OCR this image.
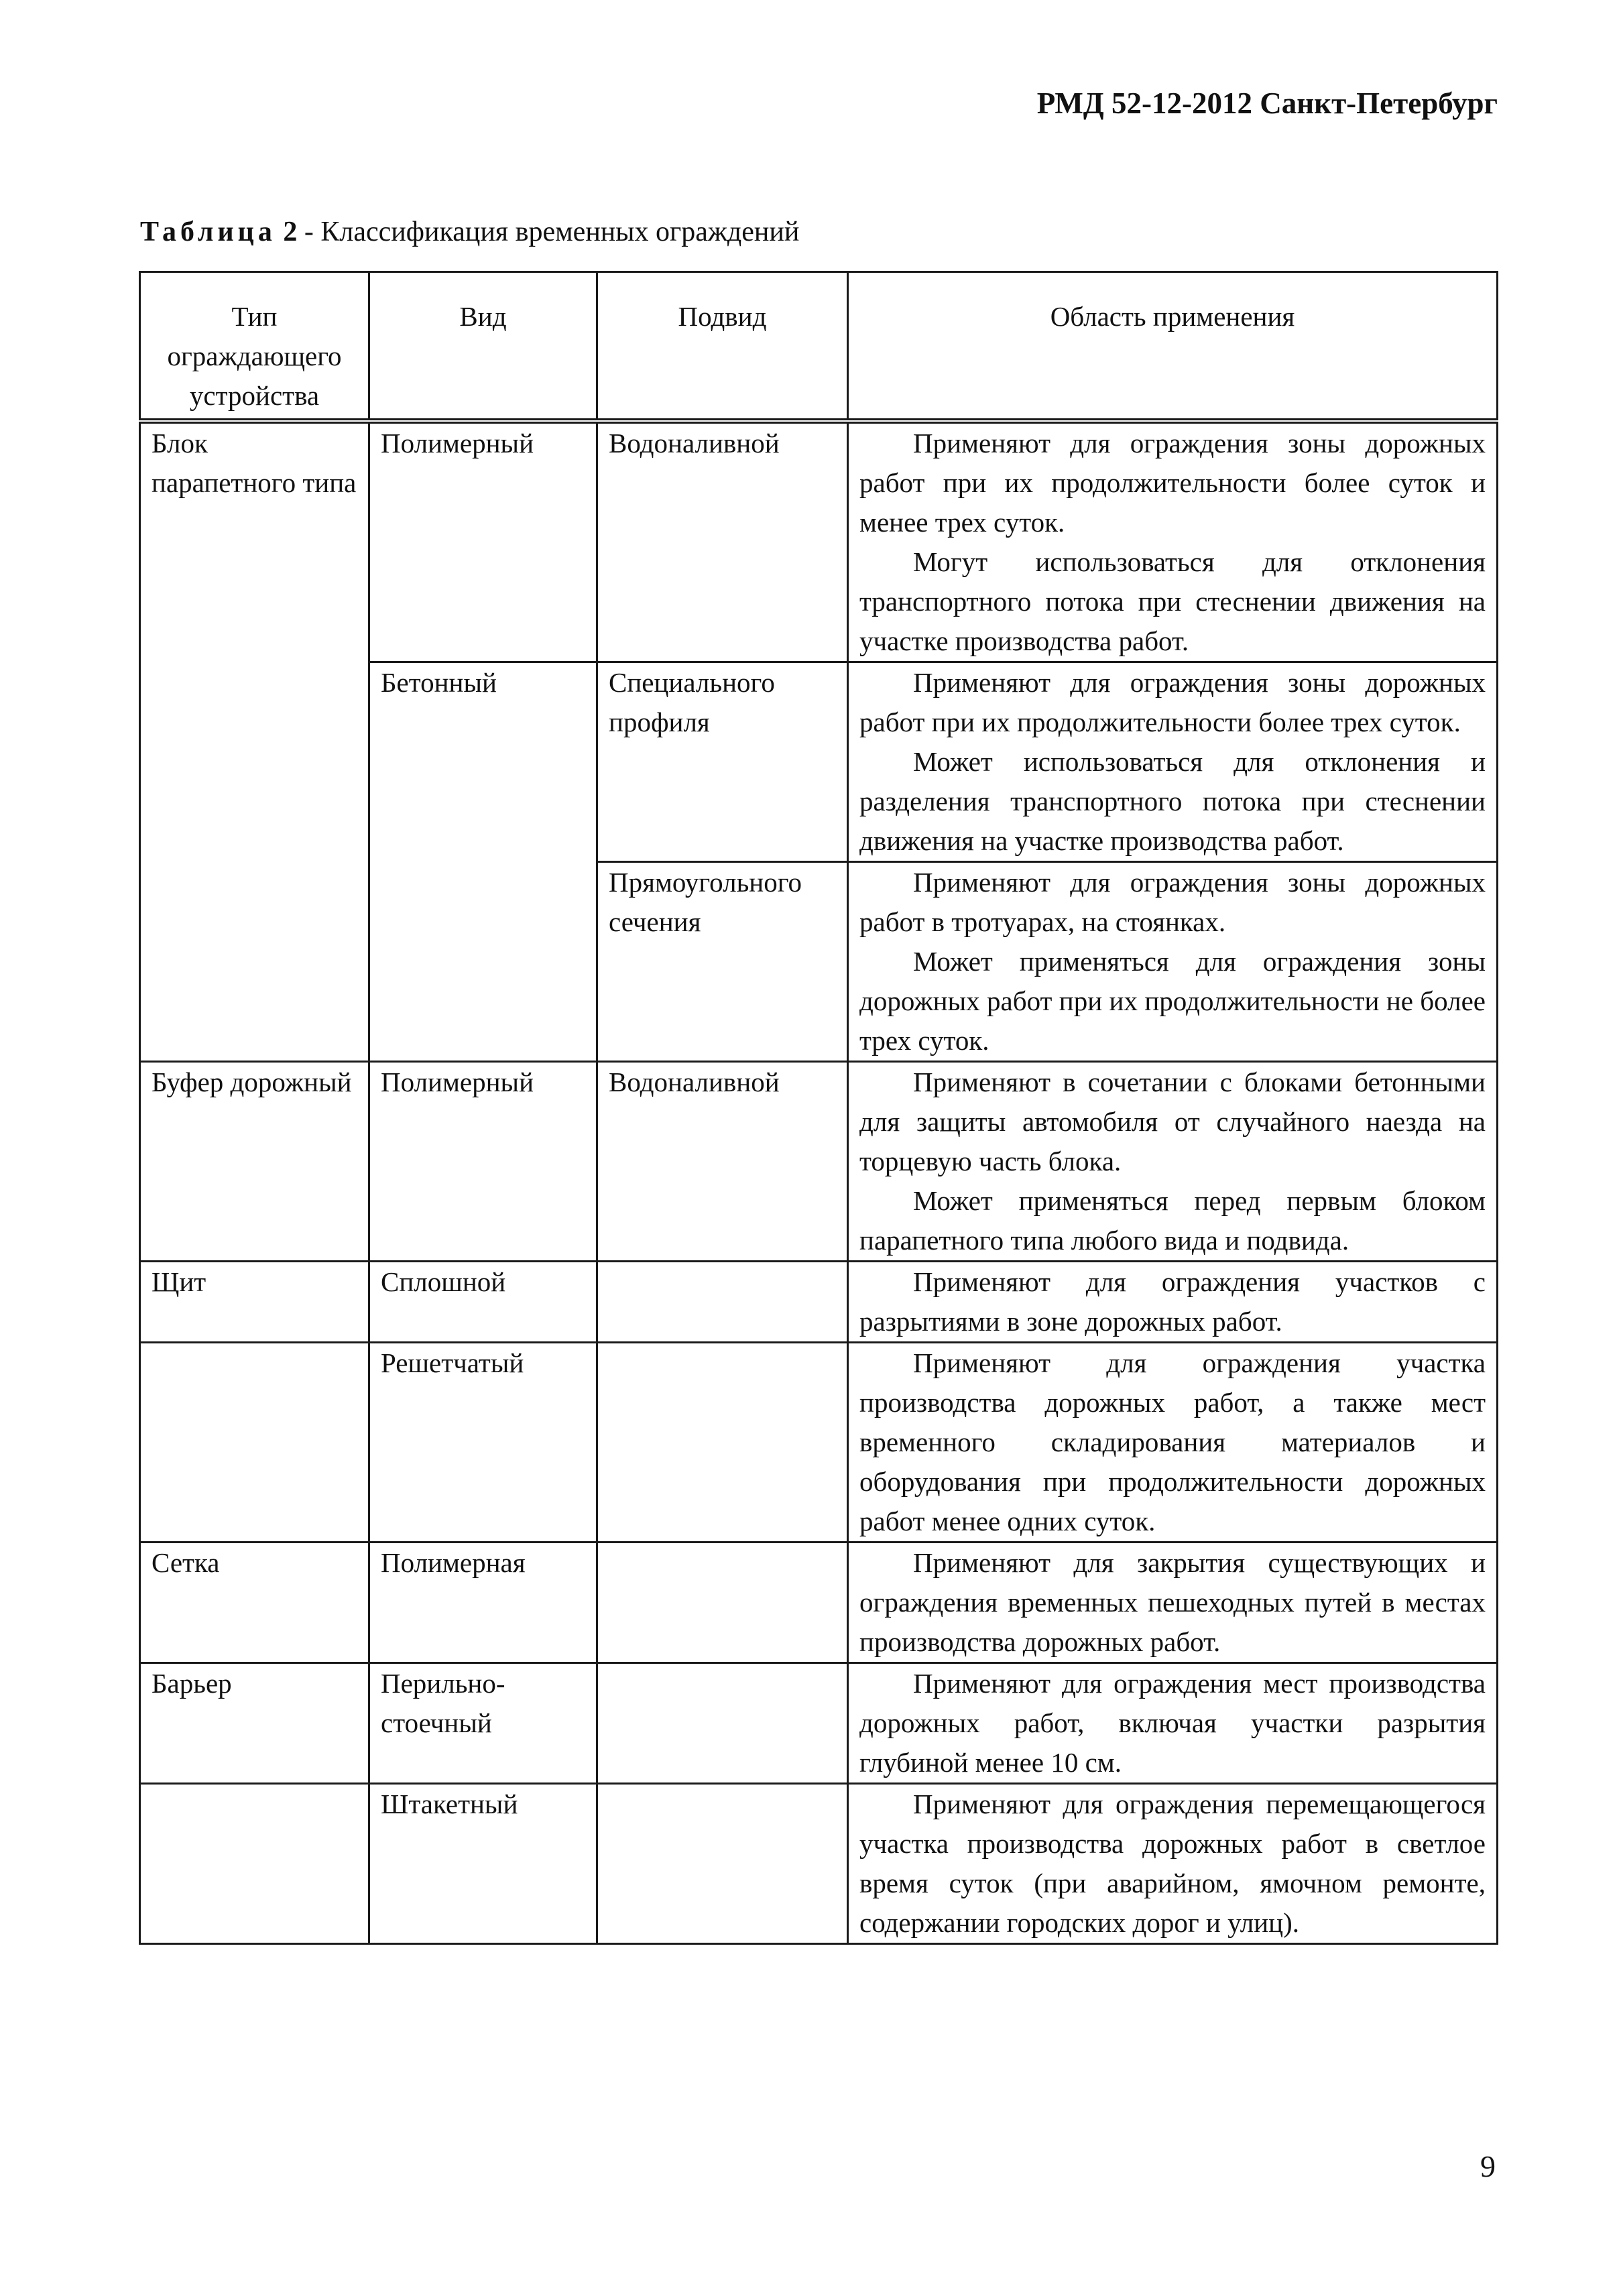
РМД 52-12-2012 Санкт-Петербург
Таблица 2 - Классификация временных ограждений
Тип ограждающего устройства	Вид	Подвид	Область применения
Блок парапетного типа	Полимерный	Водоналивной	Применяют для ограждения зоны дорожных работ при их продолжительности более суток и менее трех суток.

Могут использоваться для отклонения транспортного потока при стеснении движения на участке производства работ.

	Бетонный	Специального профиля	Применяют для ограждения зоны дорожных работ при их продолжительности более трех суток.

Может использоваться для отклонения и разделения транспортного потока при стеснении движения на участке производства работ.

		Прямоугольного сечения	Применяют для ограждения зоны дорожных работ в тротуарах, на стоянках.

Может применяться для ограждения зоны дорожных работ при их продолжительности не более трех суток.

Буфер дорожный	Полимерный	Водоналивной	Применяют в сочетании с блоками бетонными для защиты автомобиля от случайного наезда на торцевую часть блока.

Может применяться перед первым блоком парапетного типа любого вида и подвида.

Щит	Сплошной		Применяют для ограждения участков с разрытиями в зоне дорожных работ.

	Решетчатый		Применяют для ограждения участка производства дорожных работ, а также мест временного складирования материалов и оборудования при продолжительности дорожных работ менее одних суток.

Сетка	Полимерная		Применяют для закрытия существующих и ограждения временных пешеходных путей в местах производства дорожных работ.

Барьер	Перильно-стоечный		Применяют для ограждения мест производства дорожных работ, включая участки разрытия глубиной менее 10 см.

	Штакетный		Применяют для ограждения перемещающегося участка производства дорожных работ в светлое время суток (при аварийном, ямочном ремонте, содержании городских дорог и улиц).

9
